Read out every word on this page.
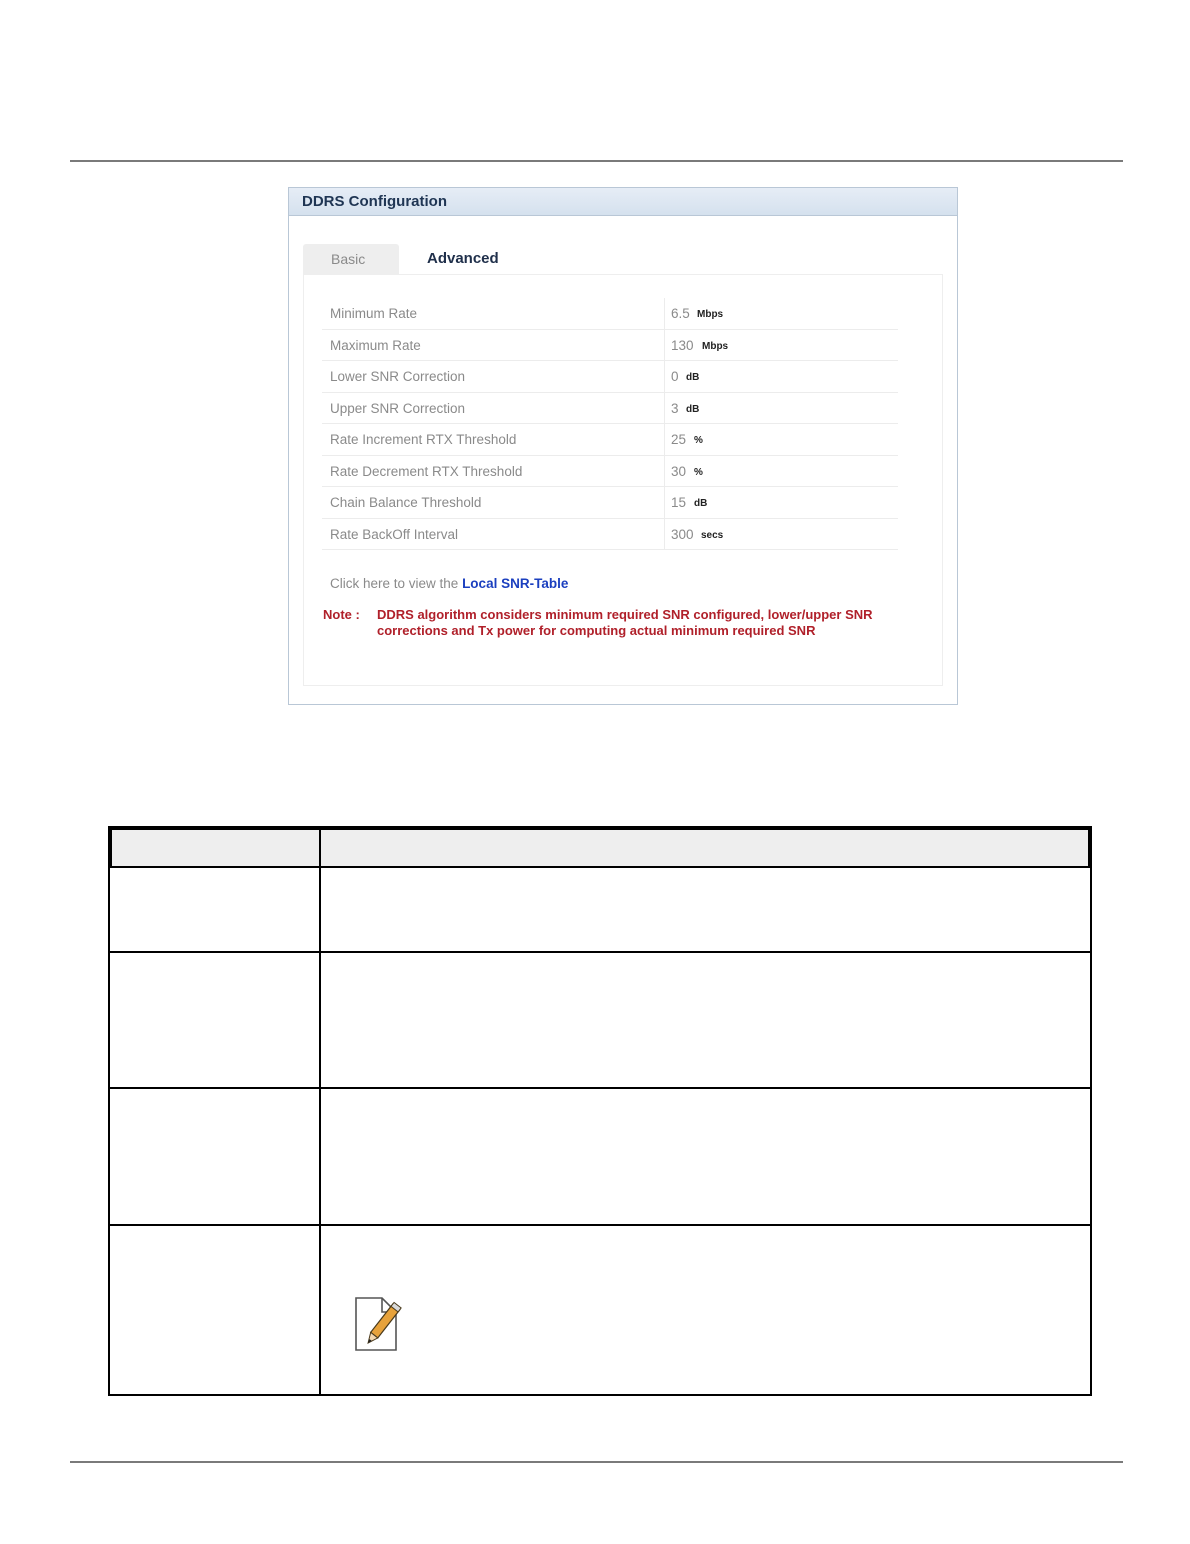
DDRS Configuration
Basic	Advanced
Minimum Rate	6.5 Mbps
Maximum Rate	130 Mbps
Lower SNR Correction	0 dB
Upper SNR Correction	3 dB
Rate Increment RTX Threshold	25 %
Rate Decrement RTX Threshold	30 %
Chain Balance Threshold	15 dB
Rate BackOff Interval	300 secs
Click here to view the Local SNR-Table
Note : DDRS algorithm considers minimum required SNR configured, lower/upper SNR corrections and Tx power for computing actual minimum required SNR
